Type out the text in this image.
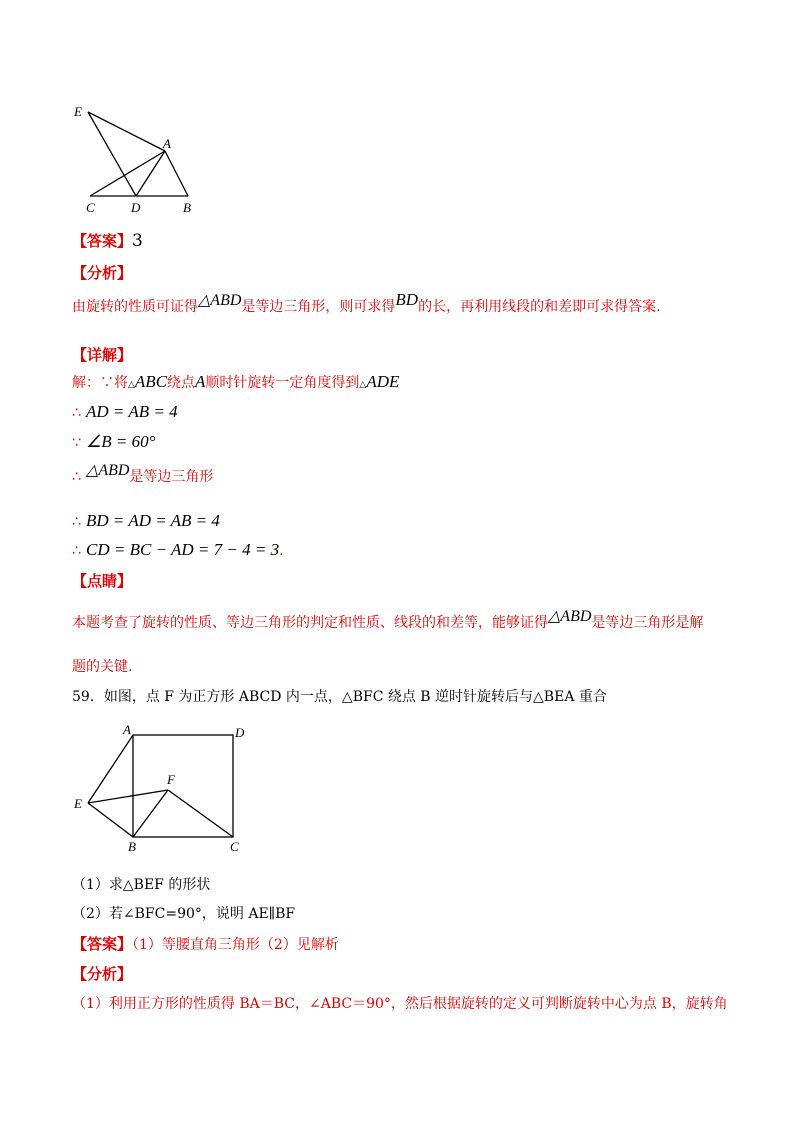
E
A
C	D	B
【答案】3
【分析】
由旋转的性质可证得△ABD是等边三角形，则可求得BD的长，再利用线段的和差即可求得答案.
【详解】
解：∵将△ABC绕点A顺时针旋转一定角度得到△ADE
∴ AD = AB = 4
∵ ∠B = 60°
∴ △ABD是等边三角形
∴ BD = AD = AB = 4
∴ CD = BC − AD = 7 − 4 = 3.
【点睛】
本题考查了旋转的性质、等边三角形的判定和性质、线段的和差等，能够证得△ABD是等边三角形是解
题的关键.
59．如图，点 F 为正方形 ABCD 内一点，△BFC 绕点 B 逆时针旋转后与△BEA 重合
A	D
F
E
B	C
（1）求△BEF 的形状
（2）若∠BFC=90°，说明 AE∥BF
【答案】（1）等腰直角三角形（2）见解析
【分析】
（1）利用正方形的性质得 BA＝BC，∠ABC＝90°，然后根据旋转的定义可判断旋转中心为点 B，旋转角
